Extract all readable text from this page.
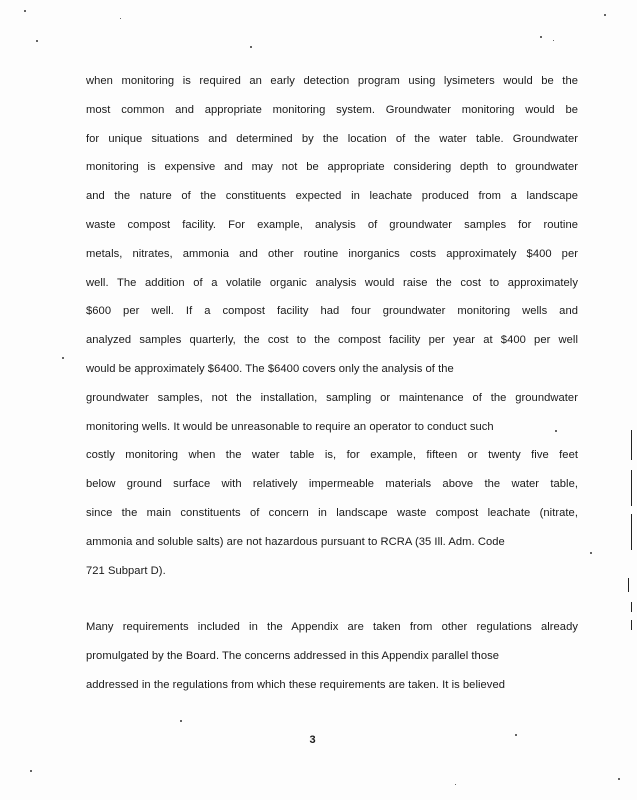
when monitoring is required an early detection program using lysimeters would be the
most common and appropriate monitoring system. Groundwater monitoring would be
for unique situations and determined by the location of the water table. Groundwater
monitoring is expensive and may not be appropriate considering depth to groundwater
and the nature of the constituents expected in leachate produced from a landscape
waste compost facility. For example, analysis of groundwater samples for routine
metals, nitrates, ammonia and other routine inorganics costs approximately $400 per
well. The addition of a volatile organic analysis would raise the cost to approximately
$600 per well. If a compost facility had four groundwater monitoring wells and
analyzed samples quarterly, the cost to the compost facility per year at $400 per well
would be approximately $6400. The $6400 covers only the analysis of the
groundwater samples, not the installation, sampling or maintenance of the groundwater
monitoring wells. It would be unreasonable to require an operator to conduct such
costly monitoring when the water table is, for example, fifteen or twenty five feet
below ground surface with relatively impermeable materials above the water table,
since the main constituents of concern in landscape waste compost leachate (nitrate,
ammonia and soluble salts) are not hazardous pursuant to RCRA (35 Ill. Adm. Code
721 Subpart D).
Many requirements included in the Appendix are taken from other regulations already
promulgated by the Board. The concerns addressed in this Appendix parallel those
addressed in the regulations from which these requirements are taken. It is believed
3
